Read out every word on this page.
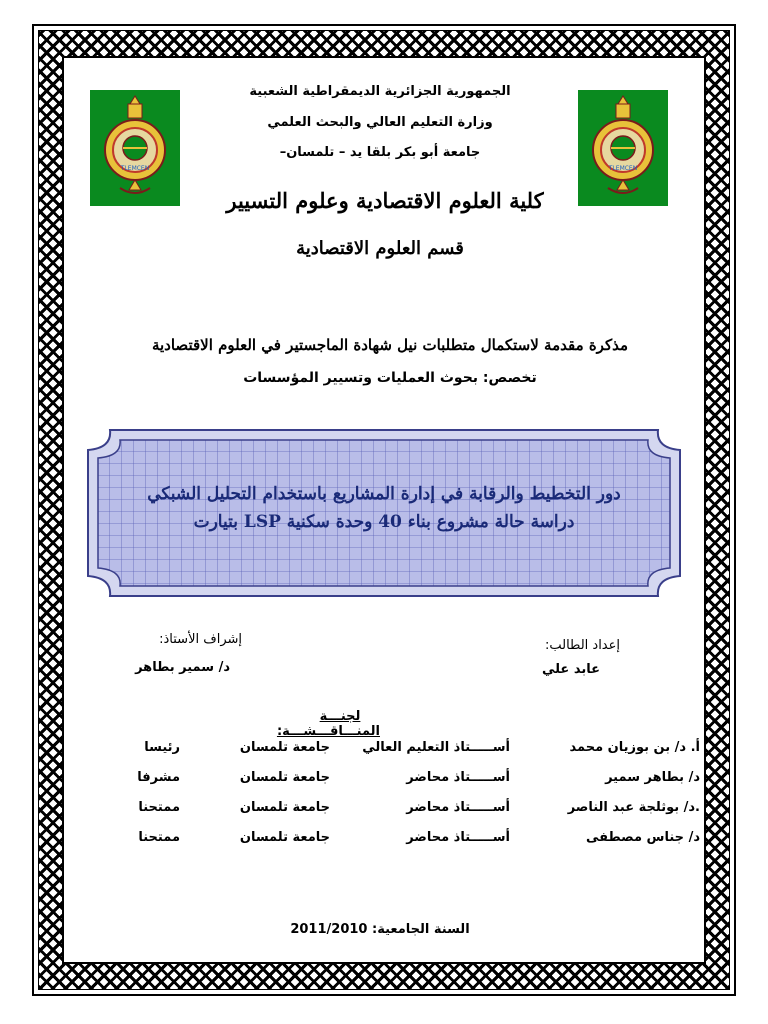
TLEMCEN	TLEMCEN
الجمهورية الجزائرية الديمقراطية الشعبية
وزارة التعليم العالي والبحث العلمي
جامعة أبو بكر بلقا يد – تلمسان–
كلية العلوم الاقتصادية وعلوم التسيير
قسم العلوم الاقتصادية
مذكرة مقدمة لاستكمال متطلبات نيل شهادة الماجستير في العلوم الاقتصادية
تخصص: بحوث العمليات وتسيير المؤسسات
دور التخطيط والرقابة في إدارة المشاريع باستخدام التحليل الشبكي
دراسة حالة مشروع بناء 40 وحدة سكنية LSP بتيارت
إشراف الأستاذ:
د/ سمير بطاهر
إعداد الطالب:
عابد علي
لجنـــة المنـــاقـــشـــة:
أ. د/ بن بوزيان محمد
أســـــتاذ التعليم العالي
جامعة تلمسان
رئيسا
د/ بطاهر سمير
أســـــتاذ محاضر
جامعة تلمسان
مشرفا
.د/ بوثلجة عبد الناصر
أســـــتاذ محاضر
جامعة تلمسان
ممتحنا
د/ جناس مصطفى
أســـــتاذ محاضر
جامعة تلمسان
ممتحنا
السنة الجامعية: 2011/2010
